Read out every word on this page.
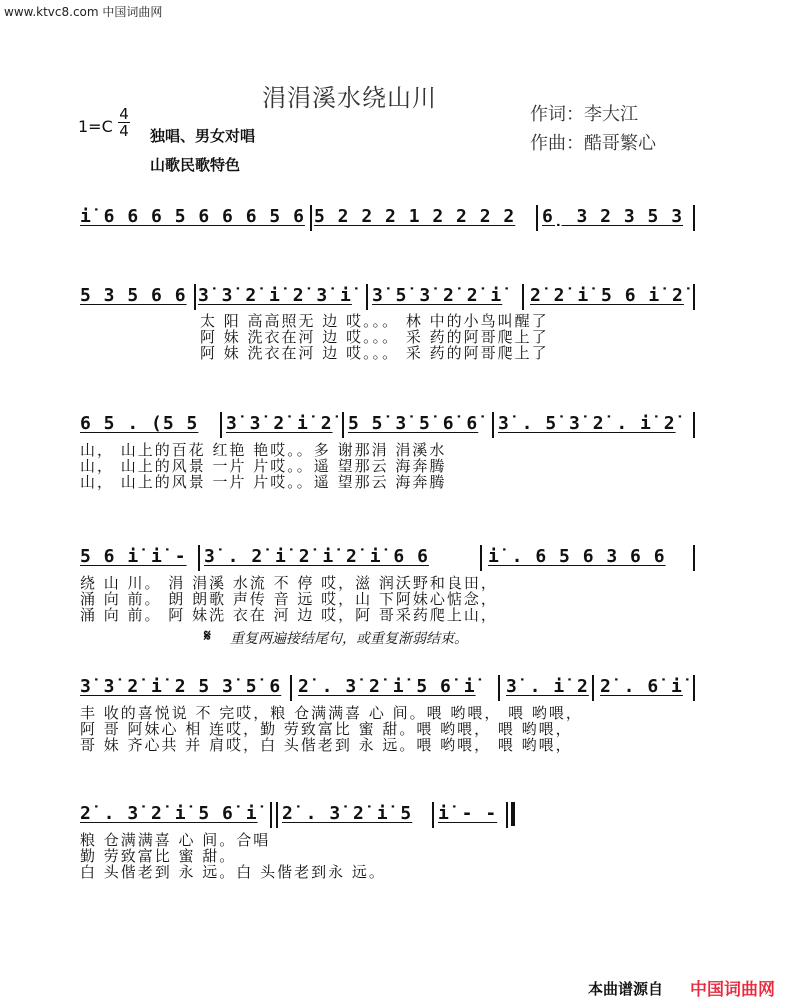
www.ktvc8.com 中国词曲网
涓涓溪水绕山川
作词：李大江
作曲：酷哥繁心
1=C
4
4 独唱、男女对唱
山歌民歌特色
i̇ 6 6 6 5 6 6 6 5 6 5 2 2 2 1 2 2 2 2	6̣ 3 2 3 5 3
5 3 5 6 6 3̇ 3̇ 2̇ i̇ 2̇ 3̇ i̇	3̇ 5̇ 3̇ 2̇ 2̇ i̇	2̇ 2̇ i̇ 5 6 i̇ 2̇
太 阳 高高照无 边 哎。。。 林 中的小鸟叫醒了
阿 妹 洗衣在河 边 哎。。。 采 药的阿哥爬上了
阿 妹 洗衣在河 边 哎。。。 采 药的阿哥爬上了
6 5 . (5 5	3̇ 3̇ 2̇ i̇ 2̇ 5 5̇ 3̇ 5̇ 6̇ 6̇	3̇ . 5̇ 3̇ 2̇ . i̇ 2̇
山， 山上的百花 红艳 艳哎。。多 谢那涓 涓溪水
山， 山上的风景 一片 片哎。。遥 望那云 海奔腾
山， 山上的风景 一片 片哎。。遥 望那云 海奔腾
5 6 i̇ i̇ - 3̇ . 2̇ i̇ 2̇ i̇ 2̇ i̇ 6 6	i̇ . 6 5 6 3 6 6
绕 山 川。 涓 涓溪 水流 不 停 哎，滋 润沃野和良田，
涌 向 前。 朗 朗歌 声传 音 远 哎，山 下阿妹心惦念，
涌 向 前。 阿 妹洗 衣在 河 边 哎，阿 哥采药爬上山，
𝄋 重复两遍接结尾句，或重复渐弱结束。
3̇ 3̇ 2̇ i̇ 2 5 3̇ 5̇ 6̇ 2̇ . 3̇ 2̇ i̇ 5 6̇ i̇	3̇ . i̇ 2̇ 2̇ . 6̇ i̇
丰 收的喜悦说 不 完哎，粮 仓满满喜 心 间。喂 哟喂， 喂 哟喂，
阿 哥 阿妹心 相 连哎，勤 劳致富比 蜜 甜。喂 哟喂， 喂 哟喂，
哥 妹 齐心共 并 肩哎，白 头偕老到 永 远。喂 哟喂， 喂 哟喂，
2̇ . 3̇ 2̇ i̇ 5 6̇ i̇	2̇ . 3̇ 2̇ i̇ 5	i̇ - -
粮 仓满满喜 心 间。合唱
勤 劳致富比 蜜 甜。
白 头偕老到 永 远。白 头偕老到永 远。
本曲谱源自 中国词曲网
